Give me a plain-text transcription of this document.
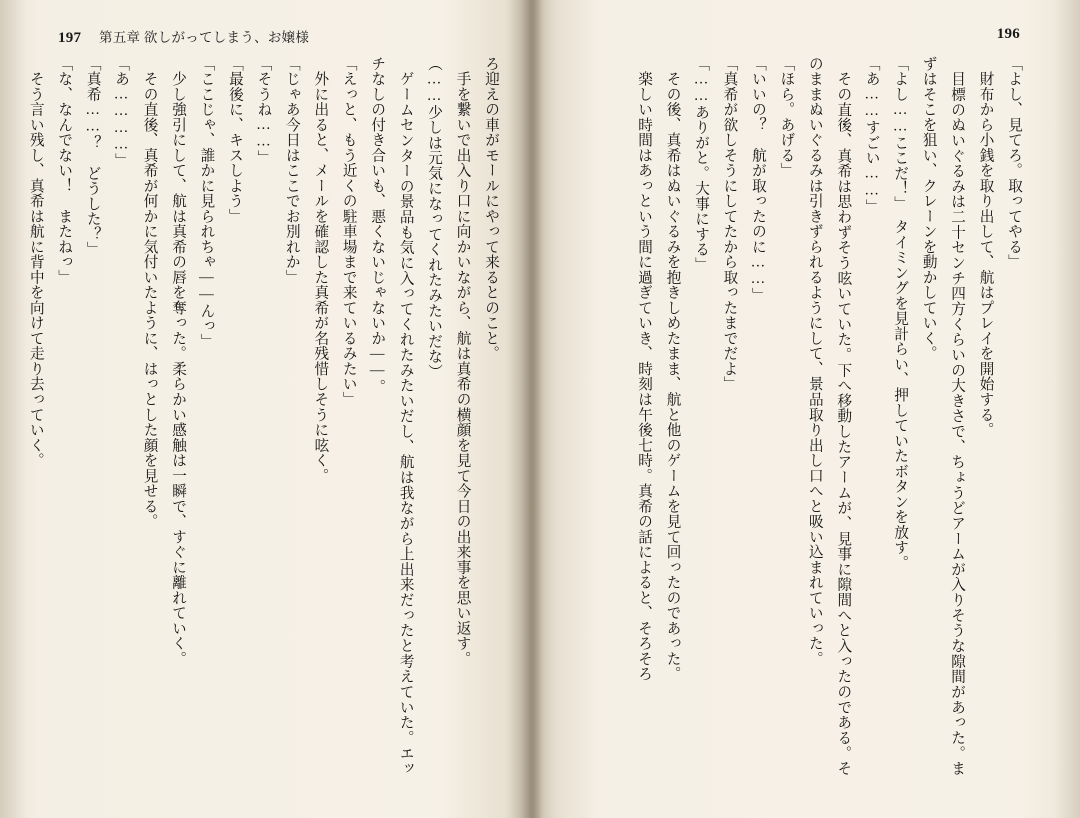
197 第五章 欲しがってしまう、お嬢様	196

「よし、見てろ。取ってやる」

　財布から小銭を取り出して、航はプレイを開始する。

　目標のぬいぐるみは二十センチ四方くらいの大きさで、ちょうどアームが入りそうな隙間があった。まずはそこを狙い、クレーンを動かしていく。

「よし……ここだ！」　タイミングを見計らい、押していたボタンを放す。

「あ……すごい……」

　その直後、真希は思わずそう呟いていた。下へ移動したアームが、見事に隙間へと入ったのである。そのままぬいぐるみは引きずられるようにして、景品取り出し口へと吸い込まれていった。

「ほら。あげる」

「いいの？　航が取ったのに……」

「真希が欲しそうにしてたから取ったまでだよ」

「……ありがと。大事にする」

　その後、真希はぬいぐるみを抱きしめたまま、航と他のゲームを見て回ったのであった。

　楽しい時間はあっという間に過ぎていき、時刻は午後七時。真希の話によると、そろそろ

ろ迎えの車がモールにやって来るとのこと。

　手を繋いで出入り口に向かいながら、航は真希の横顔を見て今日の出来事を思い返す。

（……少しは元気になってくれたみたいだな）

　ゲームセンターの景品も気に入ってくれたみたいだし、航は我ながら上出来だったと考えていた。エッチなしの付き合いも、悪くないじゃないか――。

「えっと、もう近くの駐車場まで来ているみたい」

　外に出ると、メールを確認した真希が名残惜しそうに呟く。

「じゃあ今日はここでお別れか」

「そうね……」

「最後に、キスしよう」

「ここじゃ、誰かに見られちゃ――んっ」

　少し強引にして、航は真希の唇を奪った。柔らかい感触は一瞬で、すぐに離れていく。

　その直後、真希が何かに気付いたように、はっとした顔を見せる。

「あ…………」

「真希……？　どうした？」

「な、なんでない！　またねっ」

　そう言い残し、真希は航に背中を向けて走り去っていく。
